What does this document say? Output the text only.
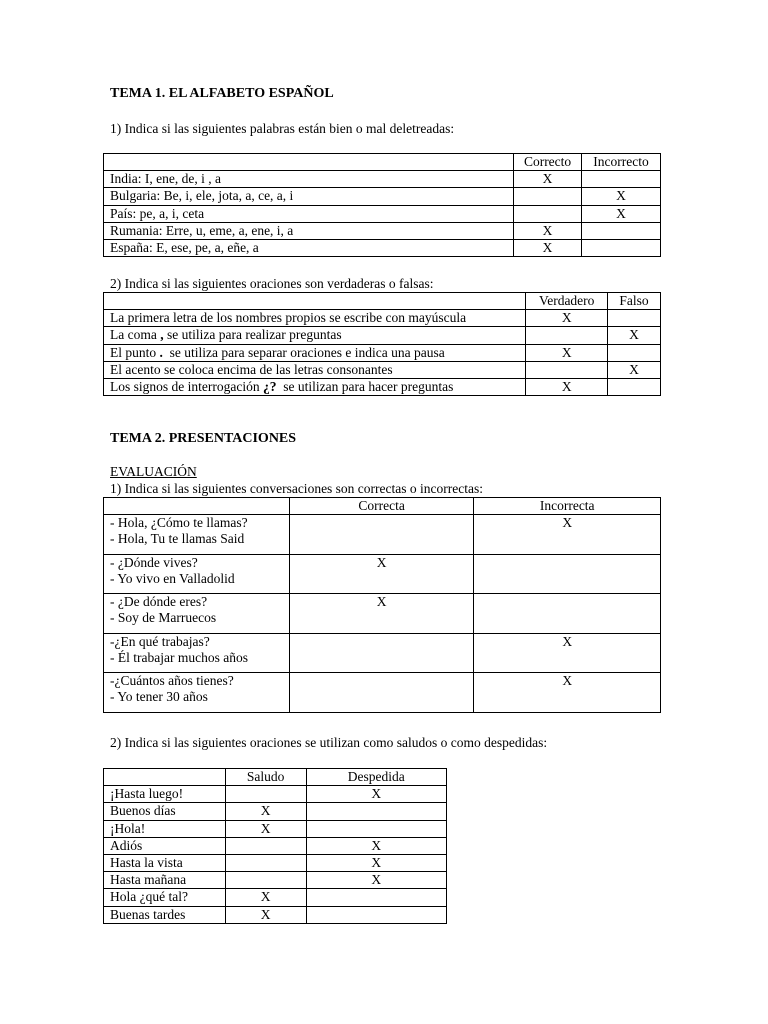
TEMA 1. EL ALFABETO ESPAÑOL
1) Indica si las siguientes palabras están bien o mal deletreadas:
	Correcto	Incorrecto
India: I, ene, de, i , a	X	
Bulgaria: Be, i, ele, jota, a, ce, a, i		X
País: pe, a, i, ceta		X
Rumania: Erre, u, eme, a, ene, i, a	X	
España: E, ese, pe, a, eñe, a	X	
2) Indica si las siguientes oraciones son verdaderas o falsas:
	Verdadero	Falso
La primera letra de los nombres propios se escribe con mayúscula	X	
La coma , se utiliza para realizar preguntas		X
El punto .  se utiliza para separar oraciones e indica una pausa	X	
El acento se coloca encima de las letras consonantes		X
Los signos de interrogación ¿?  se utilizan para hacer preguntas	X	
TEMA 2. PRESENTACIONES
EVALUACIÓN
1) Indica si las siguientes conversaciones son correctas o incorrectas:
	Correcta	Incorrecta

- Hola, ¿Cómo te llamas?
- Hola, Tu te llamas Said		X

- ¿Dónde vives?
- Yo vivo en Valladolid	X	

- ¿De dónde eres?
- Soy de Marruecos	X	

-¿En qué trabajas?
- Él trabajar muchos años		X

-¿Cuántos años tienes?
- Yo tener 30 años		X
2) Indica si las siguientes oraciones se utilizan como saludos o como despedidas:
	Saludo	Despedida
¡Hasta luego!		X
Buenos días	X	
¡Hola!	X	
Adiós		X
Hasta la vista		X
Hasta mañana		X
Hola ¿qué tal?	X	
Buenas tardes	X	
